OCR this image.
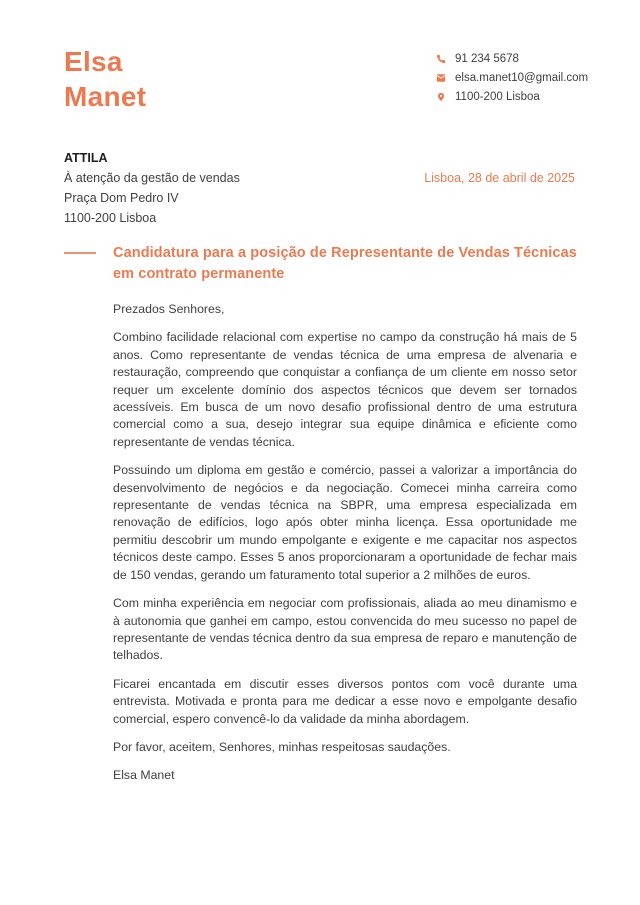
Elsa
Manet
91 234 5678
elsa.manet10@gmail.com
1100-200 Lisboa
ATTILA
À atenção da gestão de vendas
Praça Dom Pedro IV
1100-200 Lisboa
Lisboa, 28 de abril de 2025
Candidatura para a posição de Representante de Vendas Técnicas em contrato permanente

Prezados Senhores,

Combino facilidade relacional com expertise no campo da construção há mais de 5 anos. Como representante de vendas técnica de uma empresa de alvenaria e restauração, compreendo que conquistar a confiança de um cliente em nosso setor requer um excelente domínio dos aspectos técnicos que devem ser tornados acessíveis. Em busca de um novo desafio profissional dentro de uma estrutura comercial como a sua, desejo integrar sua equipe dinâmica e eficiente como representante de vendas técnica.

Possuindo um diploma em gestão e comércio, passei a valorizar a importância do desenvolvimento de negócios e da negociação. Comecei minha carreira como representante de vendas técnica na SBPR, uma empresa especializada em renovação de edifícios, logo após obter minha licença. Essa oportunidade me permitiu descobrir um mundo empolgante e exigente e me capacitar nos aspectos técnicos deste campo. Esses 5 anos proporcionaram a oportunidade de fechar mais de 150 vendas, gerando um faturamento total superior a 2 milhões de euros.

Com minha experiência em negociar com profissionais, aliada ao meu dinamismo e à autonomia que ganhei em campo, estou convencida do meu sucesso no papel de representante de vendas técnica dentro da sua empresa de reparo e manutenção de telhados.

Ficarei encantada em discutir esses diversos pontos com você durante uma entrevista. Motivada e pronta para me dedicar a esse novo e empolgante desafio comercial, espero convencê-lo da validade da minha abordagem.

Por favor, aceitem, Senhores, minhas respeitosas saudações.

Elsa Manet
